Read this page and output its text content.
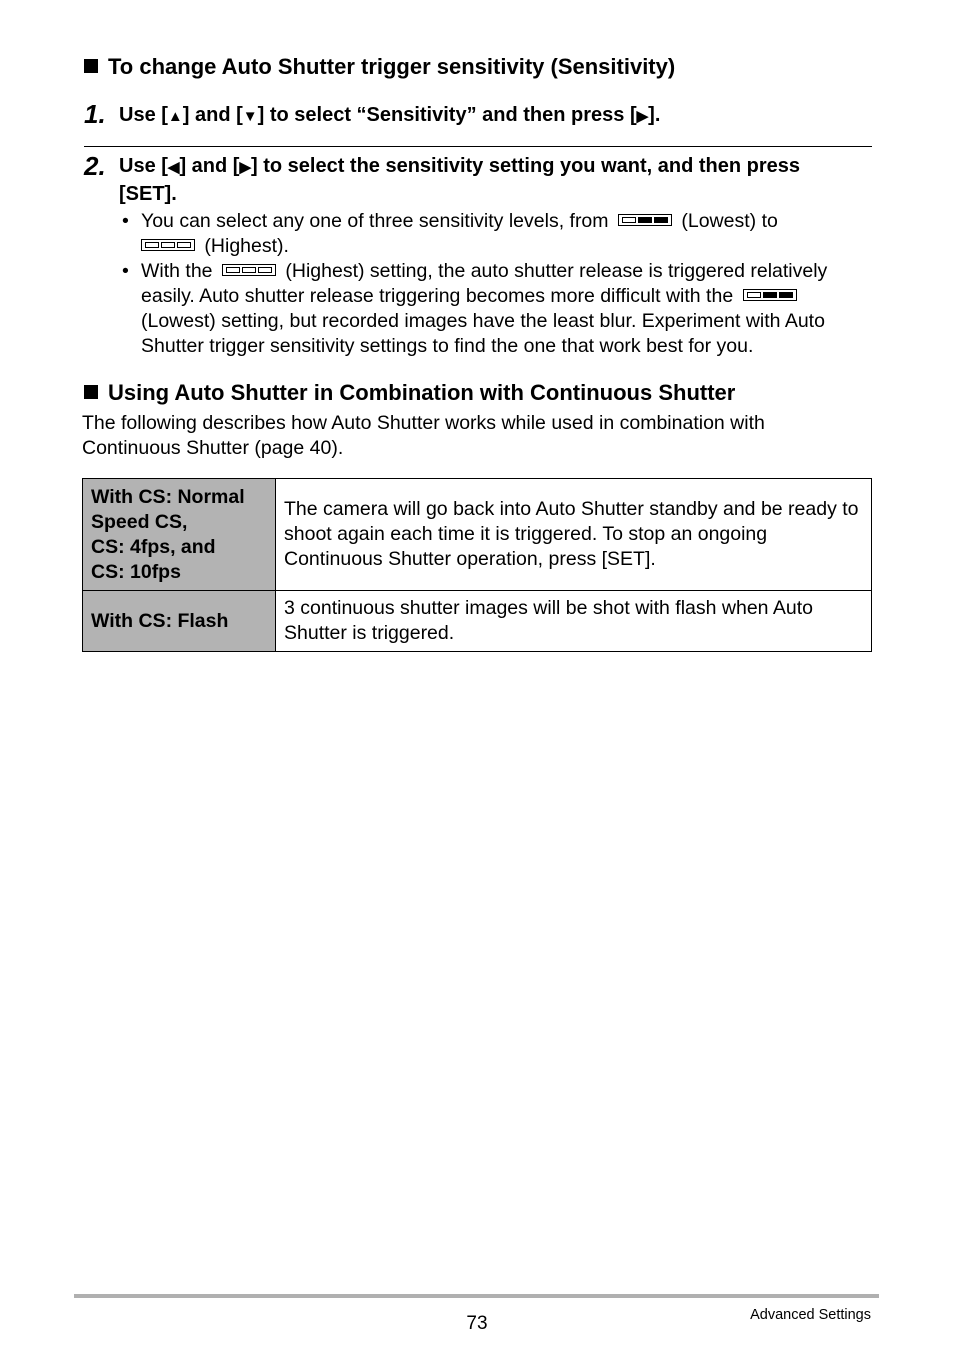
To change Auto Shutter trigger sensitivity (Sensitivity)
1. Use [▲] and [▼] to select “Sensitivity” and then press [▶].
2. Use [◀] and [▶] to select the sensitivity setting you want, and then press [SET].
• You can select any one of three sensitivity levels, from	(Lowest) to

(Highest).
• With the	(Highest) setting, the auto shutter release is triggered relatively easily. Auto shutter release triggering becomes more difficult with the
(Lowest) setting, but recorded images have the least blur. Experiment with Auto Shutter trigger sensitivity settings to find the one that work best for you.
Using Auto Shutter in Combination with Continuous Shutter
The following describes how Auto Shutter works while used in combination with Continuous Shutter (page 40).
With CS: Normal
Speed CS,
CS: 4fps, and
CS: 10fps	The camera will go back into Auto Shutter standby and be ready to shoot again each time it is triggered. To stop an ongoing Continuous Shutter operation, press [SET].
With CS: Flash	3 continuous shutter images will be shot with flash when Auto Shutter is triggered.
73	Advanced Settings
